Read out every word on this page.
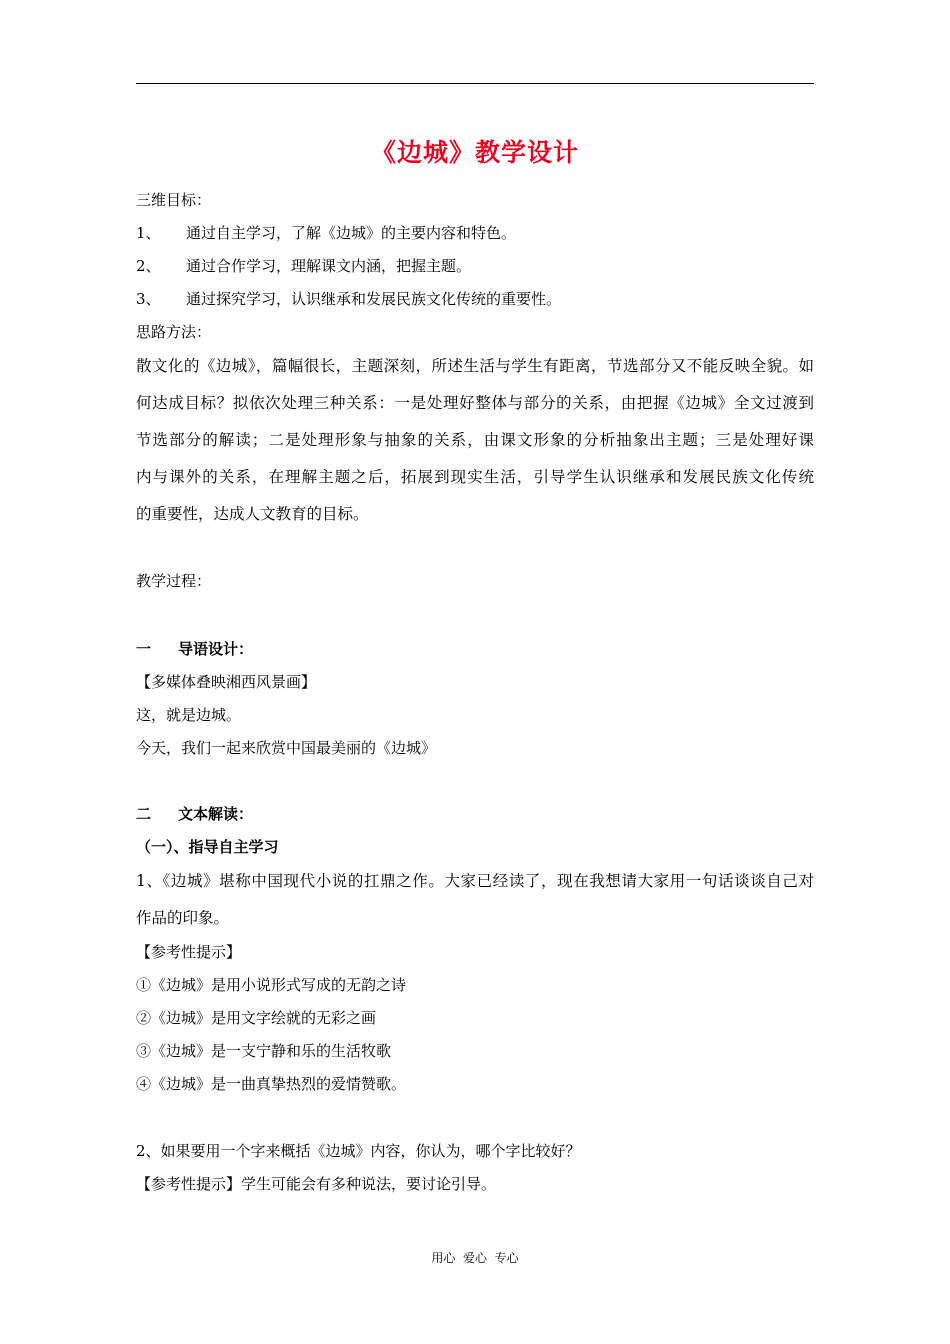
《边城》教学设计
三维目标：
1、 通过自主学习，了解《边城》的主要内容和特色。
2、 通过合作学习，理解课文内涵，把握主题。
3、 通过探究学习，认识继承和发展民族文化传统的重要性。
思路方法：
散文化的《边城》，篇幅很长，主题深刻，所述生活与学生有距离，节选部分又不能反映全貌。如
何达成目标？拟依次处理三种关系：一是处理好整体与部分的关系，由把握《边城》全文过渡到
节选部分的解读；二是处理形象与抽象的关系，由课文形象的分析抽象出主题；三是处理好课
内与课外的关系，在理解主题之后，拓展到现实生活，引导学生认识继承和发展民族文化传统
的重要性，达成人文教育的目标。
教学过程：
一 导语设计：
【多媒体叠映湘西风景画】
这，就是边城。
今天，我们一起来欣赏中国最美丽的《边城》
二 文本解读：
（一）、指导自主学习
1、《边城》堪称中国现代小说的扛鼎之作。大家已经读了，现在我想请大家用一句话谈谈自己对
作品的印象。
【参考性提示】
①《边城》是用小说形式写成的无韵之诗
②《边城》是用文字绘就的无彩之画
③《边城》是一支宁静和乐的生活牧歌
④《边城》是一曲真挚热烈的爱情赞歌。
2、如果要用一个字来概括《边城》内容，你认为，哪个字比较好？
【参考性提示】学生可能会有多种说法，要讨论引导。
用心  爱心  专心
